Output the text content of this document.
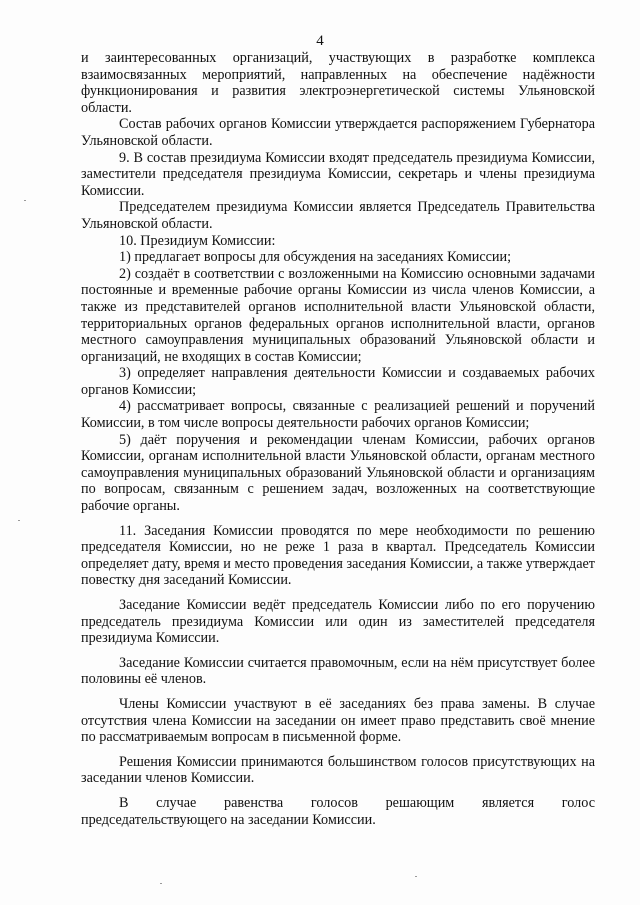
4

и заинтересованных организаций, участвующих в разработке комплекса взаимосвязанных мероприятий, направленных на обеспечение надёжности функционирования и развития электроэнергетической системы Ульяновской области.

Состав рабочих органов Комиссии утверждается распоряжением Губернатора Ульяновской области.

9. В состав президиума Комиссии входят председатель президиума Комиссии, заместители председателя президиума Комиссии, секретарь и члены президиума Комиссии.

Председателем президиума Комиссии является Председатель Правительства Ульяновской области.

10. Президиум Комиссии:

1) предлагает вопросы для обсуждения на заседаниях Комиссии;

2) создаёт в соответствии с возложенными на Комиссию основными задачами постоянные и временные рабочие органы Комиссии из числа членов Комиссии, а также из представителей органов исполнительной власти Ульяновской области, территориальных органов федеральных органов исполнительной власти, органов местного самоуправления муниципальных образований Ульяновской области и организаций, не входящих в состав Комиссии;

3) определяет направления деятельности Комиссии и создаваемых рабочих органов Комиссии;

4) рассматривает вопросы, связанные с реализацией решений и поручений Комиссии, в том числе вопросы деятельности рабочих органов Комиссии;

5) даёт поручения и рекомендации членам Комиссии, рабочих органов Комиссии, органам исполнительной власти Ульяновской области, органам местного самоуправления муниципальных образований Ульяновской области и организациям по вопросам, связанным с решением задач, возложенных на соответствующие рабочие органы.

11. Заседания Комиссии проводятся по мере необходимости по решению председателя Комиссии, но не реже 1 раза в квартал. Председатель Комиссии определяет дату, время и место проведения заседания Комиссии, а также утверждает повестку дня заседаний Комиссии.

Заседание Комиссии ведёт председатель Комиссии либо по его поручению председатель президиума Комиссии или один из заместителей председателя президиума Комиссии.

Заседание Комиссии считается правомочным, если на нём присутствует более половины её членов.

Члены Комиссии участвуют в её заседаниях без права замены. В случае отсутствия члена Комиссии на заседании он имеет право представить своё мнение по рассматриваемым вопросам в письменной форме.

Решения Комиссии принимаются большинством голосов присутствующих на заседании членов Комиссии.

В случае равенства голосов решающим является голос председательствующего на заседании Комиссии.
